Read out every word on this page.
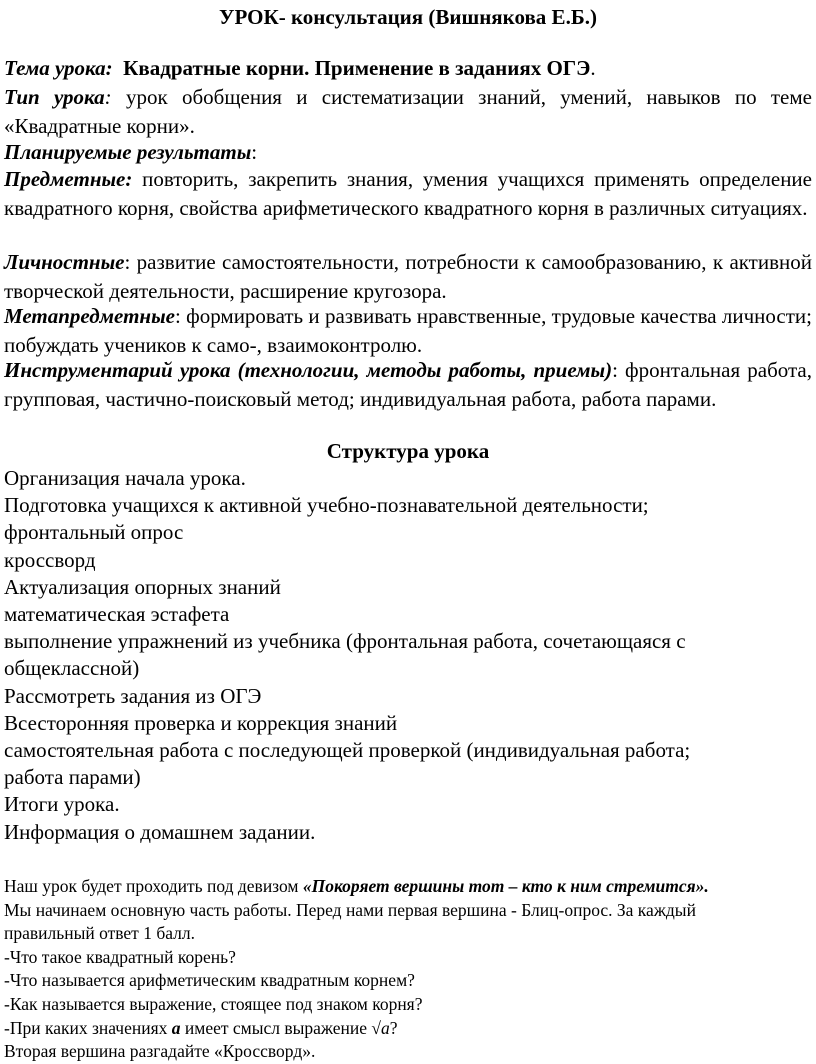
УРОК- консультация (Вишнякова Е.Б.)
Тема урока: Квадратные корни. Применение в заданиях ОГЭ.
Тип урока: урок обобщения и систематизации знаний, умений, навыков по теме «Квадратные корни».
Планируемые результаты:
Предметные: повторить, закрепить знания, умения учащихся применять определение квадратного корня, свойства арифметического квадратного корня в различных ситуациях.
Личностные: развитие самостоятельности, потребности к самообразованию, к активной творческой деятельности, расширение кругозора.
Метапредметные: формировать и развивать нравственные, трудовые качества личности; побуждать учеников к само-, взаимоконтролю.
Инструментарий урока (технологии, методы работы, приемы): фронтальная работа, групповая, частично-поисковый метод; индивидуальная работа, работа парами.
Структура урока
Организация начала урока.
Подготовка учащихся к активной учебно-познавательной деятельности;
фронтальный опрос
кроссворд
Актуализация опорных знаний
математическая эстафета
выполнение упражнений из учебника (фронтальная работа, сочетающаяся с
общеклассной)
Рассмотреть задания из ОГЭ
Всесторонняя проверка и коррекция знаний
самостоятельная работа с последующей проверкой (индивидуальная работа;
работа парами)
Итоги урока.
Информация о домашнем задании.
Наш урок будет проходить под девизом «Покоряет вершины тот – кто к ним стремится».
Мы начинаем основную часть работы. Перед нами первая вершина - Блиц-опрос. За каждый
правильный ответ 1 балл.
-Что такое квадратный корень?
-Что называется арифметическим квадратным корнем?
-Как называется выражение, стоящее под знаком корня?
-При каких значениях а имеет смысл выражение √а?
Вторая вершина разгадайте «Кроссворд».
